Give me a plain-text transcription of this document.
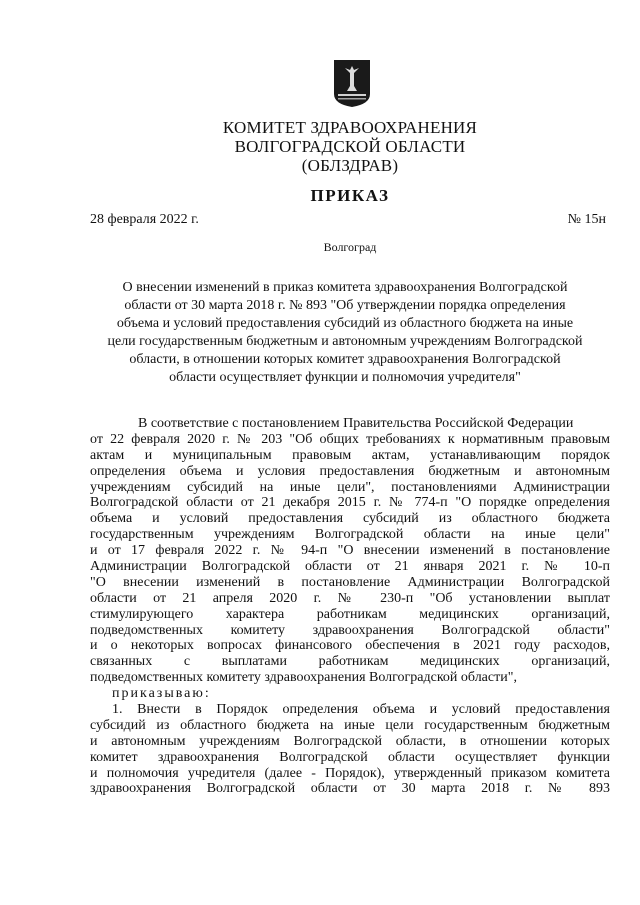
КОМИТЕТ ЗДРАВООХРАНЕНИЯ
ВОЛГОГРАДСКОЙ ОБЛАСТИ
(ОБЛЗДРАВ)
ПРИКАЗ
28 февраля 2022 г.	№ 15н
Волгоград
О внесении изменений в приказ комитета здравоохранения Волгоградской
области от 30 марта 2018 г. № 893 "Об утверждении порядка определения
объема и условий предоставления субсидий из областного бюджета на иные
цели государственным бюджетным и автономным учреждениям Волгоградской
области, в отношении которых комитет здравоохранения Волгоградской
области осуществляет функции и полномочия учредителя"
В соответствие с постановлением Правительства Российской Федерации
от 22 февраля 2020 г. № 203 "Об общих требованиях к нормативным правовым
актам и муниципальным правовым актам, устанавливающим порядок
определения объема и условия предоставления бюджетным и автономным
учреждениям субсидий на иные цели", постановлениями Администрации
Волгоградской области от 21 декабря 2015 г. № 774-п "О порядке определения
объема и условий предоставления субсидий из областного бюджета
государственным учреждениям Волгоградской области на иные цели"
и от 17 февраля 2022 г. № 94-п "О внесении изменений в постановление
Администрации Волгоградской области от 21 января 2021 г. № 10-п
"О внесении изменений в постановление Администрации Волгоградской
области от 21 апреля 2020 г. № 230-п "Об установлении выплат
стимулирующего характера работникам медицинских организаций,
подведомственных комитету здравоохранения Волгоградской области"
и о некоторых вопросах финансового обеспечения в 2021 году расходов,
связанных с выплатами работникам медицинских организаций,
подведомственных комитету здравоохранения Волгоградской области",
приказываю:
1. Внести в Порядок определения объема и условий предоставления
субсидий из областного бюджета на иные цели государственным бюджетным
и автономным учреждениям Волгоградской области, в отношении которых
комитет здравоохранения Волгоградской области осуществляет функции
и полномочия учредителя (далее - Порядок), утвержденный приказом комитета
здравоохранения Волгоградской области от 30 марта 2018 г. № 893
